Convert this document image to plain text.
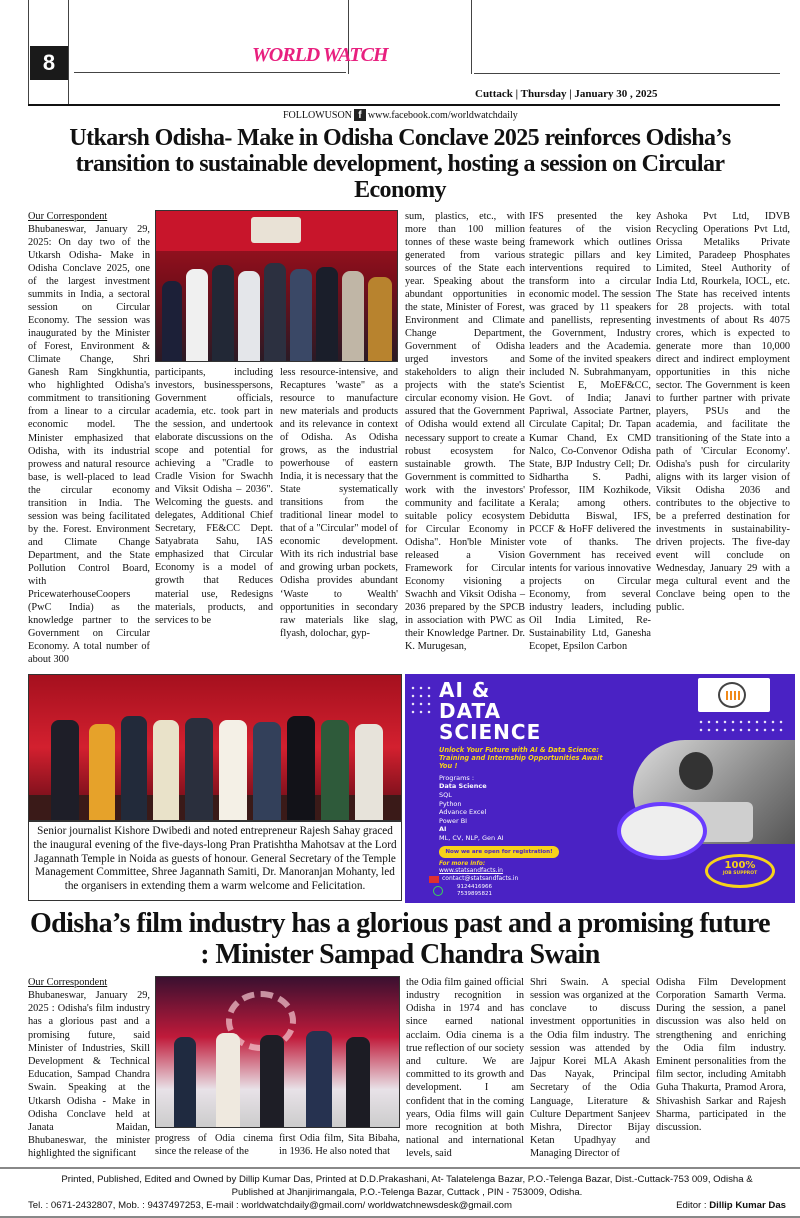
8	WORLD WATCH
Cuttack | Thursday | January 30 , 2025
FOLLOWUSON f www.facebook.com/worldwatchdaily
Utkarsh Odisha- Make in Odisha Conclave 2025 reinforces Odisha’s transition to sustainable development, hosting a session on Circular Economy
Our Correspondent
Bhubaneswar, January 29, 2025: On day two of the Utkarsh Odisha- Make in Odisha Conclave 2025, one of the largest investment summits in India, a sectoral session on Circular Economy. The session was inaugurated by the Minister of Forest, Environment & Climate Change, Shri Ganesh Ram Singkhuntia, who highlighted Odisha's commitment to transitioning from a linear to a circular economic model. The Minister emphasized that Odisha, with its industrial prowess and natural resource base, is well-placed to lead the circular economy transition in India. The session was being facilitated by the. Forest. Environment and Climate Change Department, and the State Pollution Control Board, with PricewaterhouseCoopers (PwC India) as the knowledge partner to the Government on Circular Economy. A total number of about 300
participants, including investors, businesspersons, Government officials, academia, etc. took part in the session, and undertook elaborate discussions on the scope and potential for achieving a "Cradle to Cradle Vision for Swachh and Viksit Odisha – 2036". Welcoming the guests. and delegates, Additional Chief Secretary, FE&CC Dept. Satyabrata Sahu, IAS emphasized that Circular Economy is a model of growth that Reduces material use, Redesigns materials, products, and services to be
less resource-intensive, and Recaptures 'waste" as a resource to manufacture new materials and products and its relevance in context of Odisha. As Odisha grows, as the industrial powerhouse of eastern India, it is necessary that the State systematically transitions from the traditional linear model to that of a "Circular" model of economic development. With its rich industrial base and growing urban pockets, Odisha provides abundant ‘Waste to Wealth' opportunities in secondary raw materials like slag, flyash, dolochar, gyp-
sum, plastics, etc., with more than 100 million tonnes of these waste being generated from various sources of the State each year. Speaking about the abundant opportunities in the state, Minister of Forest, Environment and Climate Change Department, Government of Odisha urged investors and stakeholders to align their projects with the state's circular economy vision. He assured that the Government of Odisha would extend all necessary support to create a robust ecosystem for sustainable growth. The Government is committed to work with the investors' community and facilitate a suitable policy ecosystem for Circular Economy in Odisha". Hon'ble Minister released a Vision Framework for Circular Economy visioning a Swachh and Viksit Odisha – 2036 prepared by the SPCB in association with PWC as their Knowledge Partner. Dr. K. Murugesan,
IFS presented the key features of the vision framework which outlines strategic pillars and key interventions required to transform into a circular economic model. The session was graced by 11 speakers and panellists, representing the Government, Industry leaders and the Academia. Some of the invited speakers included N. Subrahmanyam, Scientist E, MoEF&CC, Govt. of India; Janavi Papriwal, Associate Partner, Circulate Capital; Dr. Tapan Kumar Chand, Ex CMD Nalco, Co-Convenor Odisha State, BJP Industry Cell; Dr. Sidhartha S. Padhi, Professor, IIM Kozhikode, Kerala; among others. Debidutta Biswal, IFS, PCCF & HoFF delivered the vote of thanks. The Government has received intents for various innovative projects on Circular Economy, from several industry leaders, including Oil India Limited, Re-Sustainability Ltd, Ganesha Ecopet, Epsilon Carbon
Ashoka Pvt Ltd, IDVB Recycling Operations Pvt Ltd, Orissa Metaliks Private Limited, Paradeep Phosphates Limited, Steel Authority of India Ltd, Rourkela, IOCL, etc. The State has received intents for 28 projects. with total investments of about Rs 4075 crores, which is expected to generate more than 10,000 direct and indirect employment opportunities in this niche sector. The Government is keen to further partner with private players, PSUs and the academia, and facilitate the transitioning of the State into a path of 'Circular Economy'. Odisha's push for circularity aligns with its larger vision of Viksit Odisha 2036 and contributes to the objective to be a preferred destination for investments in sustainability-driven projects. The five-day event will conclude on Wednesday, January 29 with a mega cultural event and the Conclave being open to the public.
Senior journalist Kishore Dwibedi and noted entrepreneur Rajesh Sahay graced the inaugural evening of the five-days-long Pran Pratishtha Mahotsav at the Lord Jagannath Temple in Noida as guests of honour. General Secretary of the Temple Management Committee, Shree Jagannath Samiti, Dr. Manoranjan Mohanty, led the organisers in extending them a warm welcome and Felicitation.
100%
JOB SUPPROT
AI &
DATA
SCIENCE
Unlock Your Future with AI & Data Science: Training and Internship Opportunities Await You !
Programs :
Data Science
SQL
Python
Advance Excel
Power BI
AI
ML, CV, NLP, Gen AI
Now we are open for registration!
For more info:
www.statsandfacts.in
contact@statsandfacts.in
9124416966
7539895821
Odisha’s film industry has a glorious past and a promising future : Minister Sampad Chandra Swain
Our Correspondent
Bhubaneswar, January 29, 2025 : Odisha's film industry has a glorious past and a promising future, said Minister of Industries, Skill Development & Technical Education, Sampad Chandra Swain. Speaking at the Utkarsh Odisha - Make in Odisha Conclave held at Janata Maidan, Bhubaneswar, the minister highlighted the significant
progress of Odia cinema since the release of the
first Odia film, Sita Bibaha, in 1936. He also noted that
the Odia film gained official industry recognition in Odisha in 1974 and has since earned national acclaim. Odia cinema is a true reflection of our society and culture. We are committed to its growth and development. I am confident that in the coming years, Odia films will gain more recognition at both national and international levels, said
Shri Swain. A special session was organized at the conclave to discuss investment opportunities in the Odia film industry. The session was attended by Jajpur Korei MLA Akash Das Nayak, Principal Secretary of the Odia Language, Literature & Culture Department Sanjeev Mishra, Director Bijay Ketan Upadhyay and Managing Director of
Odisha Film Development Corporation Samarth Verma. During the session, a panel discussion was also held on strengthening and enriching the Odia film industry. Eminent personalities from the film sector, including Amitabh Guha Thakurta, Pramod Arora, Shivashish Sarkar and Rajesh Sharma, participated in the discussion.
Printed, Published, Edited and Owned by Dillip Kumar Das, Printed at D.D.Prakashani, At- Talatelenga Bazar, P.O.-Telenga Bazar, Dist.-Cuttack-753 009, Odisha &
Published at Jhanjirimangala, P.O.-Telenga Bazar, Cuttack , PIN - 753009, Odisha.
Tel. : 0671-2432807, Mob. : 9437497253, E-mail : worldwatchdaily@gmail.com/ worldwatchnewsdesk@gmail.com	Editor : Dillip Kumar Das
